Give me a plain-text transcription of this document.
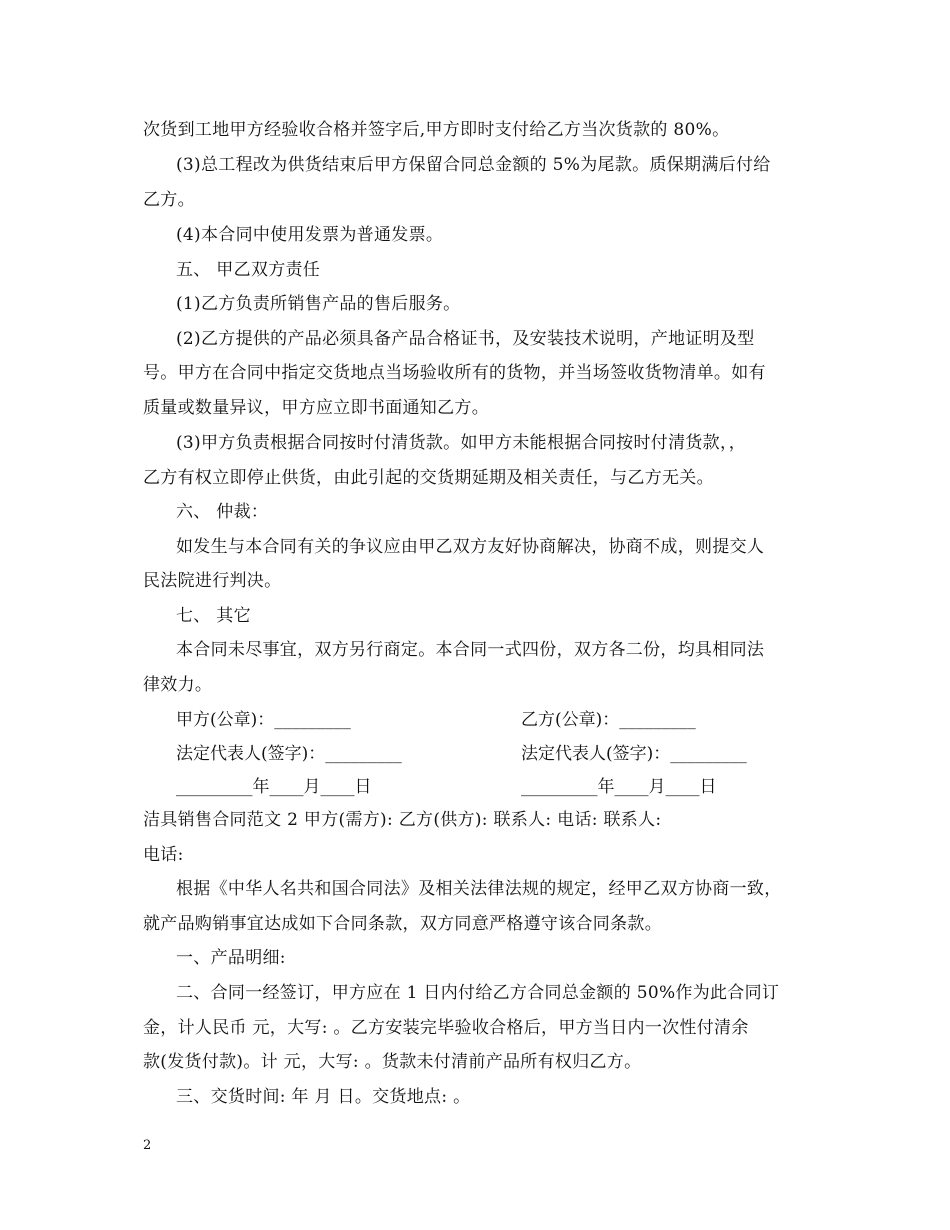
次货到工地甲方经验收合格并签字后,甲方即时支付给乙方当次货款的 80%。
(3)总工程改为供货结束后甲方保留合同总金额的 5%为尾款。质保期满后付给
乙方。
(4)本合同中使用发票为普通发票。
五、 甲乙双方责任
(1)乙方负责所销售产品的售后服务。
(2)乙方提供的产品必须具备产品合格证书，及安装技术说明，产地证明及型
号。甲方在合同中指定交货地点当场验收所有的货物，并当场签收货物清单。如有
质量或数量异议，甲方应立即书面通知乙方。
(3)甲方负责根据合同按时付清货款。如甲方未能根据合同按时付清货款，，
乙方有权立即停止供货，由此引起的交货期延期及相关责任，与乙方无关。
六、 仲裁：
如发生与本合同有关的争议应由甲乙双方友好协商解决，协商不成，则提交人
民法院进行判决。
七、 其它
本合同未尽事宜，双方另行商定。本合同一式四份，双方各二份，均具相同法
律效力。
甲方(公章)：_________	乙方(公章)：_________
法定代表人(签字)：_________	法定代表人(签字)：_________
_________年____月____日	_________年____月____日
洁具销售合同范文 2 甲方(需方): 乙方(供方): 联系人: 电话: 联系人:
电话:
根据《中华人名共和国合同法》及相关法律法规的规定，经甲乙双方协商一致，
就产品购销事宜达成如下合同条款，双方同意严格遵守该合同条款。
一、产品明细:
二、合同一经签订，甲方应在 1 日内付给乙方合同总金额的 50%作为此合同订
金，计人民币 元，大写: 。乙方安装完毕验收合格后，甲方当日内一次性付清余
款(发货付款)。计 元，大写: 。货款未付清前产品所有权归乙方。
三、交货时间: 年 月 日。交货地点: 。
2
